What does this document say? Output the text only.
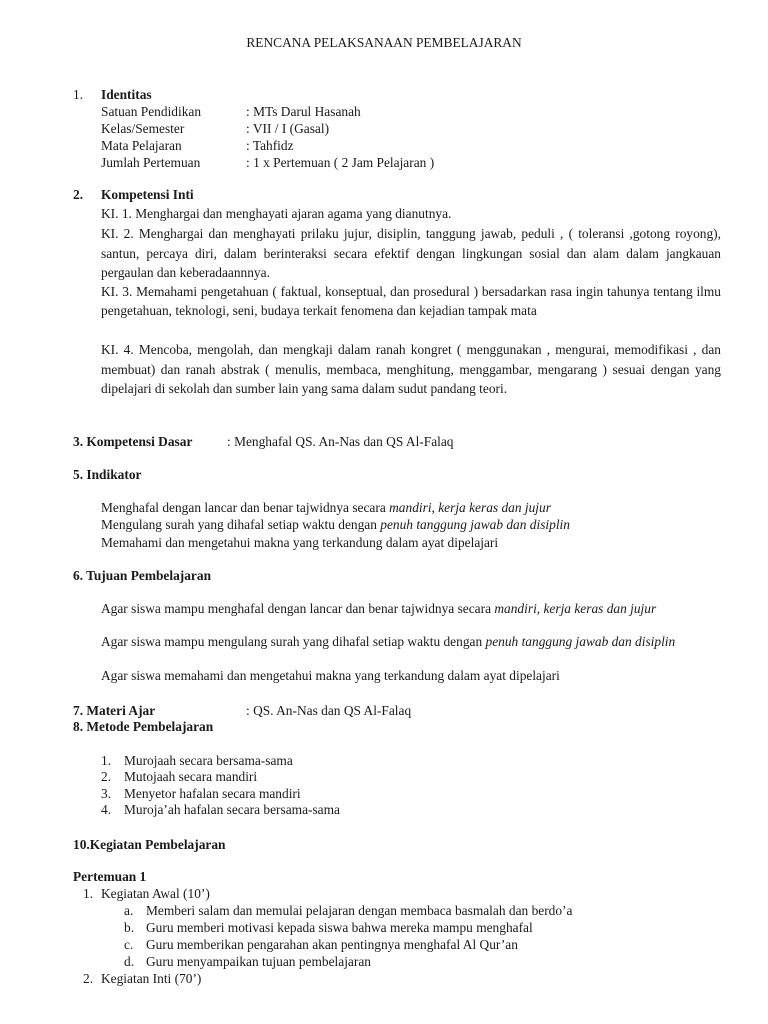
RENCANA PELAKSANAAN PEMBELAJARAN
1. Identitas
Satuan Pendidikan	: MTs Darul Hasanah
Kelas/Semester	: VII / I (Gasal)
Mata Pelajaran	: Tahfidz
Jumlah Pertemuan	: 1 x Pertemuan ( 2 Jam Pelajaran )
2. Kompetensi Inti
KI. 1. Menghargai dan menghayati ajaran agama yang dianutnya.
KI. 2. Menghargai dan menghayati prilaku jujur, disiplin, tanggung jawab, peduli , ( toleransi ,gotong royong), santun, percaya diri, dalam berinteraksi secara efektif dengan lingkungan sosial dan alam dalam jangkauan pergaulan dan keberadaannnya.
KI. 3. Memahami pengetahuan ( faktual, konseptual, dan prosedural ) bersadarkan rasa ingin tahunya tentang ilmu pengetahuan, teknologi, seni, budaya terkait fenomena dan kejadian tampak mata
KI. 4. Mencoba, mengolah, dan mengkaji dalam ranah kongret ( menggunakan , mengurai, memodifikasi , dan membuat) dan ranah abstrak ( menulis, membaca, menghitung, menggambar, mengarang ) sesuai dengan yang dipelajari di sekolah dan sumber lain yang sama dalam sudut pandang teori.
3. Kompetensi Dasar	: Menghafal QS. An-Nas dan QS Al-Falaq
5. Indikator
Menghafal dengan lancar dan benar tajwidnya secara mandiri, kerja keras dan jujur
Mengulang surah yang dihafal setiap waktu dengan penuh tanggung jawab dan disiplin
Memahami dan mengetahui makna yang terkandung dalam ayat dipelajari
6. Tujuan Pembelajaran
Agar siswa mampu menghafal dengan lancar dan benar tajwidnya secara mandiri, kerja keras dan jujur
Agar siswa mampu mengulang surah yang dihafal setiap waktu dengan penuh tanggung jawab dan disiplin
Agar siswa memahami dan mengetahui makna yang terkandung dalam ayat dipelajari
7. Materi Ajar	: QS. An-Nas dan QS Al-Falaq
8. Metode Pembelajaran
1. Murojaah secara bersama-sama
2. Mutojaah secara mandiri
3. Menyetor hafalan secara mandiri
4. Muroja’ah hafalan secara bersama-sama
10.Kegiatan Pembelajaran
Pertemuan 1
1. Kegiatan Awal (10’)
a. Memberi salam dan memulai pelajaran dengan membaca basmalah dan berdo’a
b. Guru memberi motivasi kepada siswa bahwa mereka mampu menghafal
c. Guru memberikan pengarahan akan pentingnya menghafal Al Qur’an
d. Guru menyampaikan tujuan pembelajaran
2. Kegiatan Inti (70’)
